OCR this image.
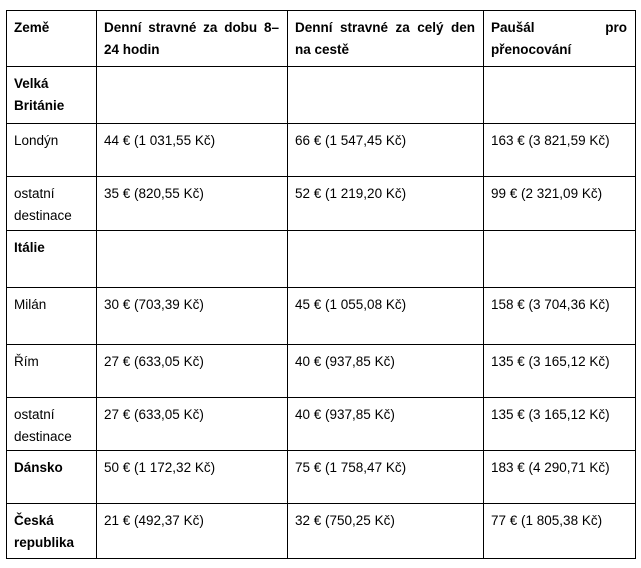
Země	Denní stravné za dobu 8–24 hodin	Denní stravné za celý den na cestě	Paušál pro přenocování
Velká Británie			
Londýn	44 € (1 031,55 Kč)	66 € (1 547,45 Kč)	163 € (3 821,59 Kč)
ostatní destinace	35 € (820,55 Kč)	52 € (1 219,20 Kč)	99 € (2 321,09 Kč)
Itálie			
Milán	30 € (703,39 Kč)	45 € (1 055,08 Kč)	158 € (3 704,36 Kč)
Řím	27 € (633,05 Kč)	40 € (937,85 Kč)	135 € (3 165,12 Kč)
ostatní destinace	27 € (633,05 Kč)	40 € (937,85 Kč)	135 € (3 165,12 Kč)
Dánsko	50 € (1 172,32 Kč)	75 € (1 758,47 Kč)	183 € (4 290,71 Kč)
Česká republika	21 € (492,37 Kč)	32 € (750,25 Kč)	77 € (1 805,38 Kč)
